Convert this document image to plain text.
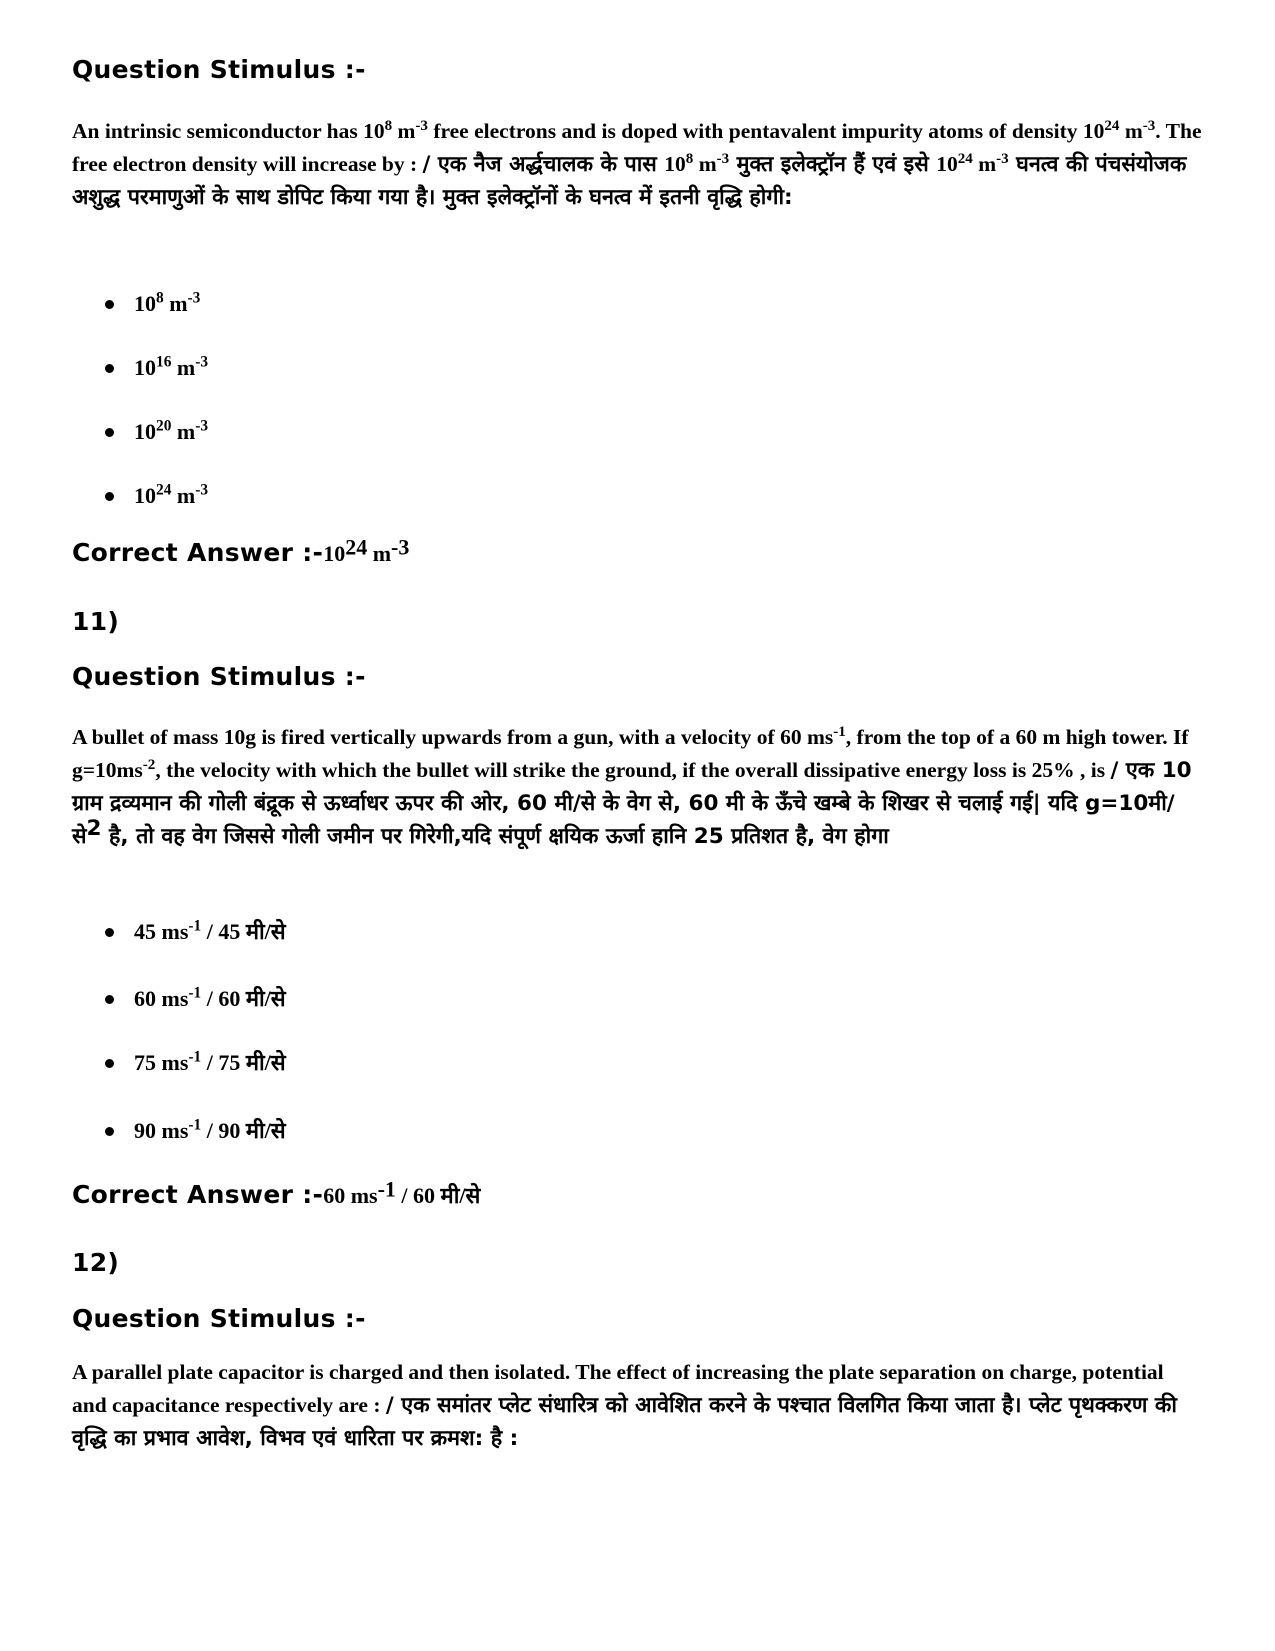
Question Stimulus :-

An intrinsic semiconductor has $10^8$ $m^{-3}$ free electrons and is doped with pentavalent impurity atoms of density $10^{24}$ $m^{-3}$. The free electron density will increase by : / एक नैज अर्द्धचालक के पास $10^8$ $m^{-3}$ मुक्त इलेक्ट्रॉन हैं एवं इसे $10^{24}$ $m^{-3}$ घनत्व की पंचसंयोजक अशुद्ध परमाणुओं के साथ डोपिट किया गया है। मुक्त इलेक्ट्रॉनों के घनत्व में इतनी वृद्धि होगी:

$10^8$ $m^{-3}$
$10^{16}$ $m^{-3}$
$10^{20}$ $m^{-3}$
$10^{24}$ $m^{-3}$

Correct Answer $:-10^{24}$ $m^{-3}$

11)

Question Stimulus :-

A bullet of mass 10g is fired vertically upwards from a gun, with a velocity of 60 $ms^{-1}$, from the top of a 60 m high tower. If $g=10ms^{-2}$, the velocity with which the bullet will strike the ground, if the overall dissipative energy loss is 25% , is / एक 10 ग्राम द्रव्यमान की गोली बंद्रूक से ऊर्ध्वाधर ऊपर की ओर, 60 मी/से के वेग से, 60 मी के ऊँचे खम्बे के शिखर से चलाई गई| यदि g=10मी/से$^2$ है, तो वह वेग जिससे गोली जमीन पर गिरेगी,यदि संपूर्ण क्षयिक ऊर्जा हानि 25 प्रतिशत है, वेग होगा

45 $ms^{-1} / 45$ मी/से
60 $ms^{-1} / 60$ मी/से
75 $ms^{-1} / 75$ मी/से
90 $ms^{-1} / 90$ मी/से

Correct Answer :-60 $ms^{-1} / 60$ मी/से

12)

Question Stimulus :-

A parallel plate capacitor is charged and then isolated. The effect of increasing the plate separation on charge, potential and capacitance respectively are : / एक समांतर प्लेट संधारित्र को आवेशित करने के पश्चात विलगित किया जाता है। प्लेट पृथक्करण की वृद्धि का प्रभाव आवेश, विभव एवं धारिता पर क्रमश: है :
